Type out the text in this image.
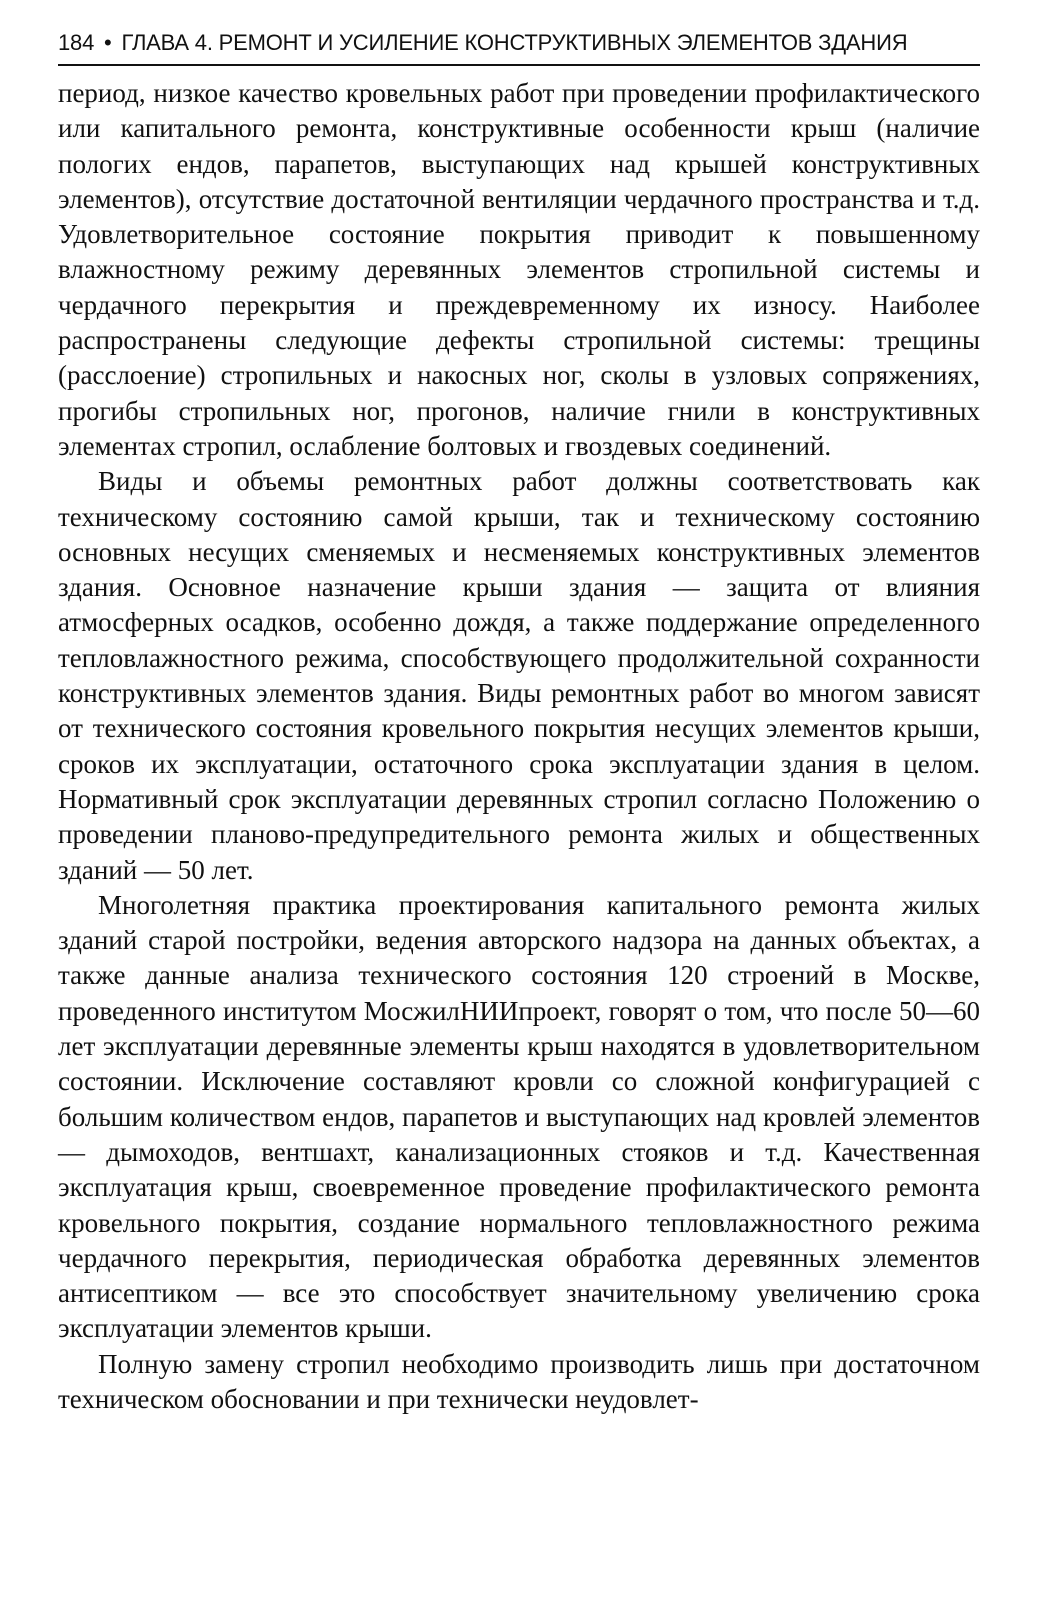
184 • ГЛАВА 4. РЕМОНТ И УСИЛЕНИЕ КОНСТРУКТИВНЫХ ЭЛЕМЕНТОВ ЗДАНИЯ

период, низкое качество кровельных работ при проведении профилактического или капитального ремонта, конструктивные особенности крыш (наличие пологих ендов, парапетов, выступающих над крышей конструктивных элементов), отсутствие достаточной вентиляции чердачного пространства и т.д. Удовлетворительное состояние покрытия приводит к повышенному влажностному режиму деревянных элементов стропильной системы и чердачного перекрытия и преждевременному их износу. Наиболее распространены следующие дефекты стропильной системы: трещины (расслоение) стропильных и накосных ног, сколы в узловых сопряжениях, прогибы стропильных ног, прогонов, наличие гнили в конструктивных элементах стропил, ослабление болтовых и гвоздевых соединений.

Виды и объемы ремонтных работ должны соответствовать как техническому состоянию самой крыши, так и техническому состоянию основных несущих сменяемых и несменяемых конструктивных элементов здания. Основное назначение крыши здания — защита от влияния атмосферных осадков, особенно дождя, а также поддержание определенного тепловлажностного режима, способствующего продолжительной сохранности конструктивных элементов здания. Виды ремонтных работ во многом зависят от технического состояния кровельного покрытия несущих элементов крыши, сроков их эксплуатации, остаточного срока эксплуатации здания в целом. Нормативный срок эксплуатации деревянных стропил согласно Положению о проведении планово-предупредительного ремонта жилых и общественных зданий — 50 лет.

Многолетняя практика проектирования капитального ремонта жилых зданий старой постройки, ведения авторского надзора на данных объектах, а также данные анализа технического состояния 120 строений в Москве, проведенного институтом МосжилНИИпроект, говорят о том, что после 50—60 лет эксплуатации деревянные элементы крыш находятся в удовлетворительном состоянии. Исключение составляют кровли со сложной конфигурацией с большим количеством ендов, парапетов и выступающих над кровлей элементов — дымоходов, вентшахт, канализационных стояков и т.д. Качественная эксплуатация крыш, своевременное проведение профилактического ремонта кровельного покрытия, создание нормального тепловлажностного режима чердачного перекрытия, периодическая обработка деревянных элементов антисептиком — все это способствует значительному увеличению срока эксплуатации элементов крыши.

Полную замену стропил необходимо производить лишь при достаточном техническом обосновании и при технически неудовлет-
